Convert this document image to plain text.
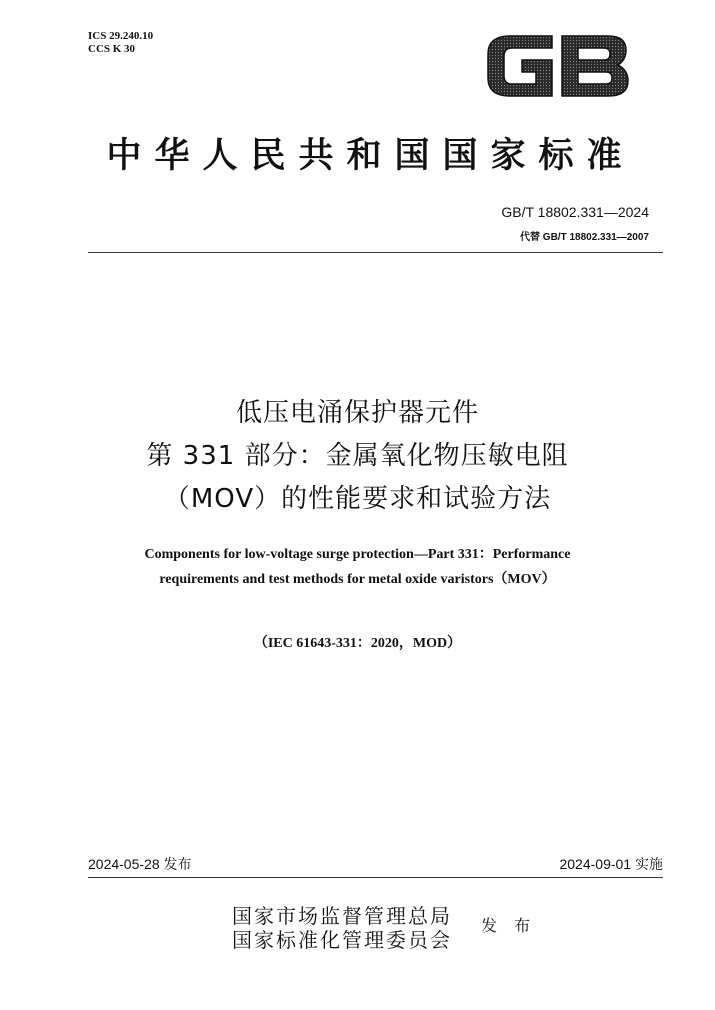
ICS 29.240.10
CCS K 30
中华人民共和国国家标准
GB/T 18802.331—2024
代替 GB/T 18802.331—2007
低压电涌保护器元件
第 331 部分：金属氧化物压敏电阻
（MOV）的性能要求和试验方法
Components for low-voltage surge protection—Part 331：Performance
requirements and test methods for metal oxide varistors（MOV）
（IEC 61643-331：2020，MOD）
2024-05-28 发布	2024-09-01 实施
国家市场监督管理总局
国家标准化管理委员会
发 布
